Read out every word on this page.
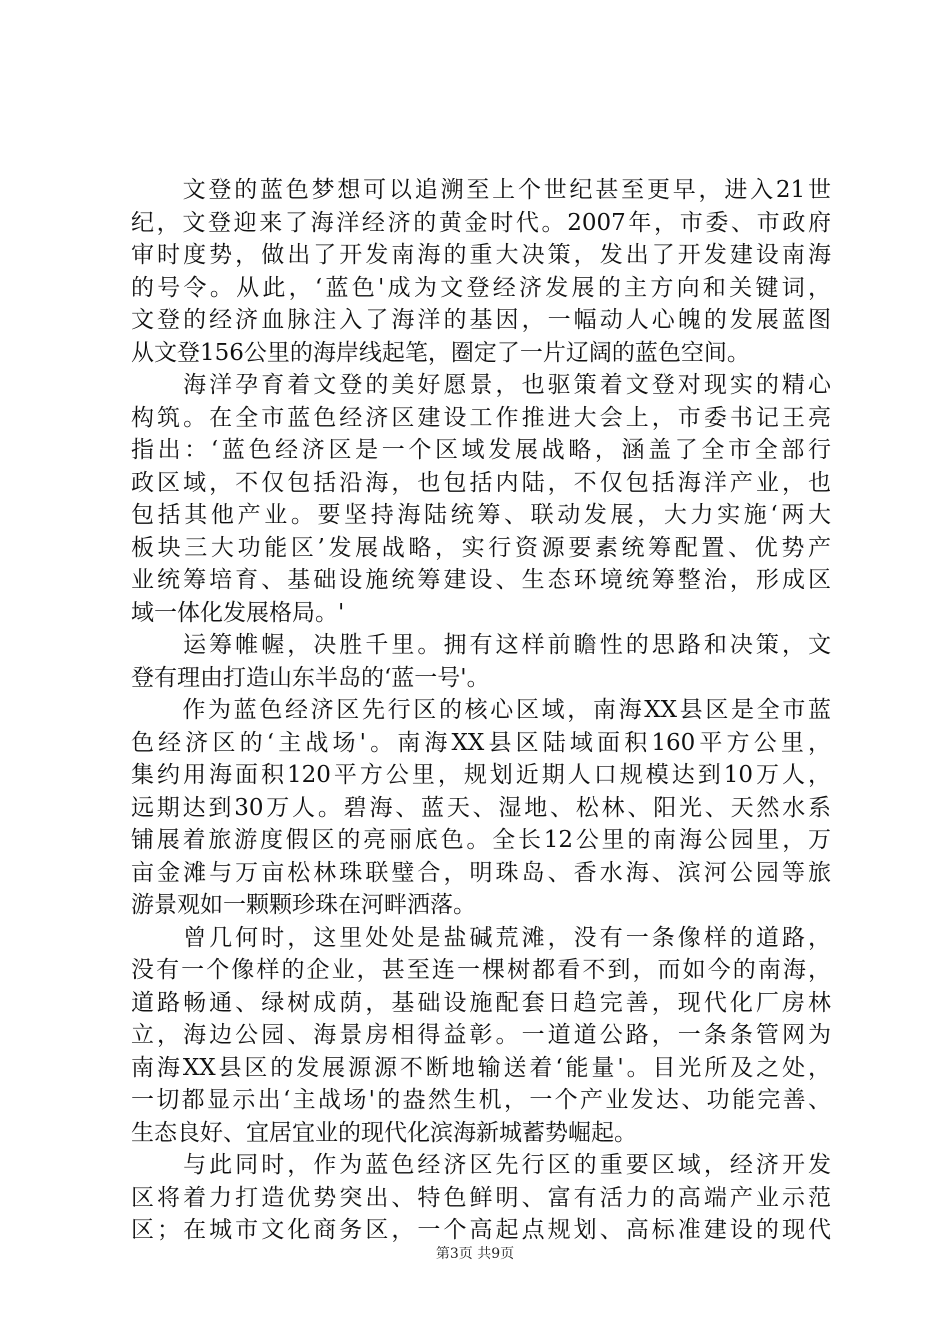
　　文登的蓝色梦想可以追溯至上个世纪甚至更早，进入21世
纪，文登迎来了海洋经济的黄金时代。2007年，市委、市政府
审时度势，做出了开发南海的重大决策，发出了开发建设南海
的号令。从此，‘蓝色'成为文登经济发展的主方向和关键词，
文登的经济血脉注入了海洋的基因，一幅动人心魄的发展蓝图
从文登156公里的海岸线起笔，圈定了一片辽阔的蓝色空间。
　　海洋孕育着文登的美好愿景，也驱策着文登对现实的精心
构筑。在全市蓝色经济区建设工作推进大会上，市委书记王亮
指出：‘蓝色经济区是一个区域发展战略，涵盖了全市全部行
政区域，不仅包括沿海，也包括内陆，不仅包括海洋产业，也
包括其他产业。要坚持海陆统筹、联动发展，大力实施‘两大
板块三大功能区’发展战略，实行资源要素统筹配置、优势产
业统筹培育、基础设施统筹建设、生态环境统筹整治，形成区
域一体化发展格局。'
　　运筹帷幄，决胜千里。拥有这样前瞻性的思路和决策，文
登有理由打造山东半岛的‘蓝一号'。
　　作为蓝色经济区先行区的核心区域，南海XX县区是全市蓝
色经济区的‘主战场'。南海XX县区陆域面积160平方公里，
集约用海面积120平方公里，规划近期人口规模达到10万人，
远期达到30万人。碧海、蓝天、湿地、松林、阳光、天然水系
铺展着旅游度假区的亮丽底色。全长12公里的南海公园里，万
亩金滩与万亩松林珠联璧合，明珠岛、香水海、滨河公园等旅
游景观如一颗颗珍珠在河畔洒落。
　　曾几何时，这里处处是盐碱荒滩，没有一条像样的道路，
没有一个像样的企业，甚至连一棵树都看不到，而如今的南海，
道路畅通、绿树成荫，基础设施配套日趋完善，现代化厂房林
立，海边公园、海景房相得益彰。一道道公路，一条条管网为
南海XX县区的发展源源不断地输送着‘能量'。目光所及之处，
一切都显示出‘主战场'的盎然生机，一个产业发达、功能完善、
生态良好、宜居宜业的现代化滨海新城蓄势崛起。
　　与此同时，作为蓝色经济区先行区的重要区域，经济开发
区将着力打造优势突出、特色鲜明、富有活力的高端产业示范
区；在城市文化商务区，一个高起点规划、高标准建设的现代
第3页 共9页
